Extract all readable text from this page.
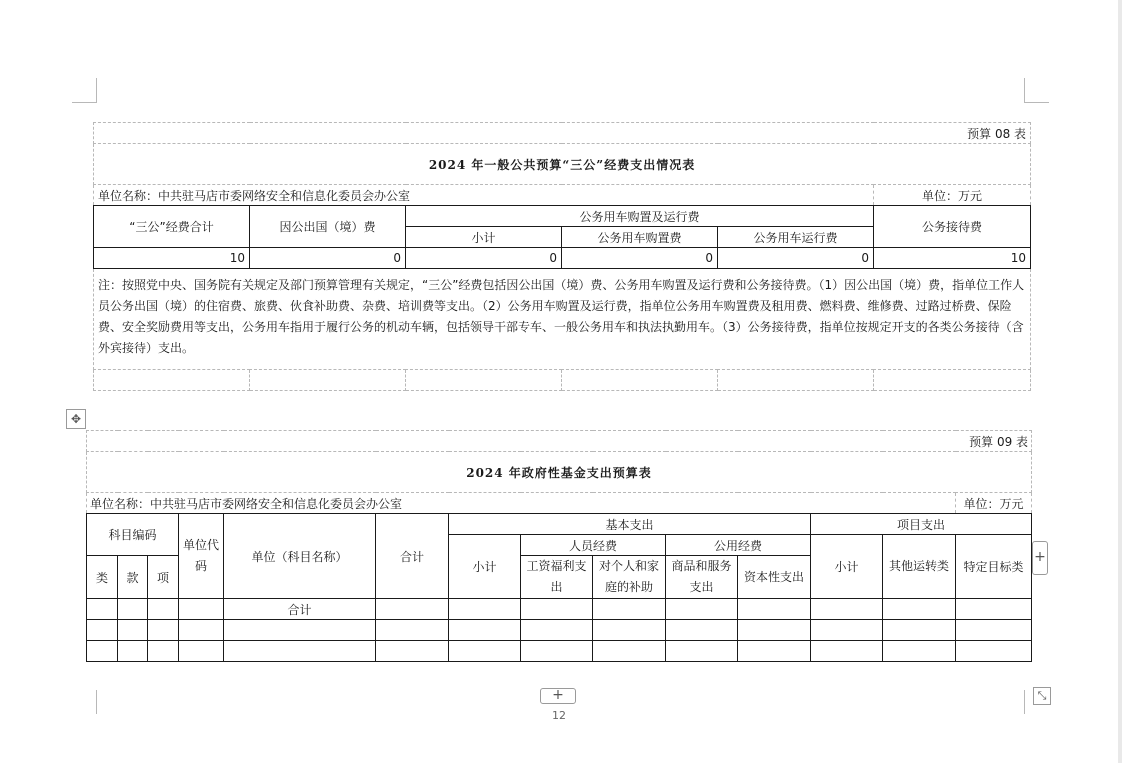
预算 08 表					
2024 年一般公共预算“三公”经费支出情况表					
单位名称：中共驻马店市委网络安全和信息化委员会办公室					单位：万元
“三公”经费合计	因公出国（境）费	公务用车购置及运行费			公务接待费
		小计	公务用车购置费	公务用车运行费	
10	0	0	0	0	10
注：按照党中央、国务院有关规定及部门预算管理有关规定，“三公”经费包括因公出国（境）费、公务用车购置及运行费和公务接待费。（1）因公出国（境）费，指单位工作人员公务出国（境）的住宿费、旅费、伙食补助费、杂费、培训费等支出。（2）公务用车购置及运行费，指单位公务用车购置费及租用费、燃料费、维修费、过路过桥费、保险费、安全奖励费用等支出，公务用车指用于履行公务的机动车辆，包括领导干部专车、一般公务用车和执法执勤用车。（3）公务接待费，指单位按规定开支的各类公务接待（含外宾接待）支出。					

✥
预算 09 表													
2024 年政府性基金支出预算表													
单位名称：中共驻马店市委网络安全和信息化委员会办公室													单位：万元
科目编码			单位代码	单位（科目名称）	合计	基本支出					项目支出		
						小计	人员经费		公用经费		小计	其他运转类	特定目标类
类	款	项					工资福利支出	对个人和家庭的补助	商品和服务支出	资本性支出			

				合计									

+
+	⤡
12
